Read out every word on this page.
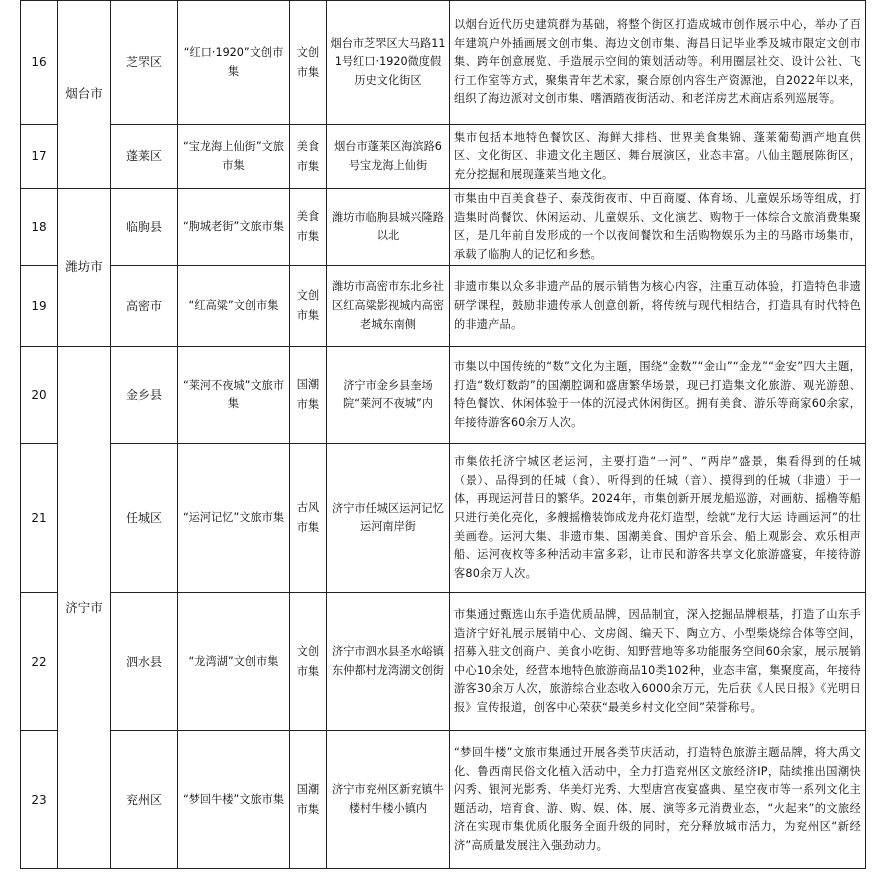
16	烟台市	芝罘区	“红口·1920”文创市集	文创市集	烟台市芝罘区大马路111号红口·1920微度假历史文化街区	以烟台近代历史建筑群为基础，将整个街区打造成城市创作展示中心，举办了百年建筑户外插画展文创市集、海边文创市集、海昌日记毕业季及城市限定文创市集、跨年创意展览、手造展示空间的策划活动等。利用圈层社交、设计公社、飞行工作室等方式，聚集青年艺术家，聚合原创内容生产资源池，自2022年以来，组织了海边派对文创市集、嗜酒踏夜街活动、和老洋房艺术商店系列巡展等。
17		蓬莱区	“宝龙海上仙街”文旅市集	美食市集	烟台市蓬莱区海滨路6号宝龙海上仙街	集市包括本地特色餐饮区、海鲜大排档、世界美食集锦、蓬莱葡萄酒产地直供区、文化街区、非遗文化主题区、舞台展演区，业态丰富。八仙主题展陈街区，充分挖掘和展现蓬莱当地文化。
18	潍坊市	临朐县	“朐城老街”文旅市集	美食市集	潍坊市临朐县城兴隆路以北	市集由中百美食巷子、泰茂街夜市、中百商厦、体育场、儿童娱乐场等组成，打造集时尚餐饮、休闲运动、儿童娱乐、文化演艺、购物于一体综合文旅消费集聚区，是几年前自发形成的一个以夜间餐饮和生活购物娱乐为主的马路市场集市，承载了临朐人的记忆和乡愁。
19		高密市	“红高粱”文创市集	文创市集	潍坊市高密市东北乡社区红高粱影视城内高密老城东南侧	非遗市集以众多非遗产品的展示销售为核心内容，注重互动体验，打造特色非遗研学课程，鼓励非遗传承人创意创新，将传统与现代相结合，打造具有时代特色的非遗产品。
20	济宁市	金乡县	“莱河不夜城”文旅市集	国潮市集	济宁市金乡县奎场院“莱河不夜城”内	市集以中国传统的“数”文化为主题，围绕“金数”“金山”“金龙”“金安”四大主题，打造“数灯数韵”的国潮腔调和盛唐繁华场景，现已打造集文化旅游、观光游憩、特色餐饮、休闲体验于一体的沉浸式休闲街区。拥有美食、游乐等商家60余家，年接待游客60余万人次。
21		任城区	“运河记忆”文旅市集	古风市集	济宁市任城区运河记忆运河南岸街	市集依托济宁城区老运河，主要打造“一河”、“两岸”盛景，集看得到的任城（景）、品得到的任城（食）、听得到的任城（音）、摸得到的任城（非遗）于一体，再现运河昔日的繁华。2024年，市集创新开展龙船巡游，对画舫、摇橹等船只进行美化亮化，多艘摇橹装饰成龙舟花灯造型，绘就“龙行大运 诗画运河”的壮美画卷。运河大集、非遗市集、国潮美食、围炉音乐会、船上观影会、欢乐相声船、运河夜枚等多种活动丰富多彩，让市民和游客共享文化旅游盛宴，年接待游客80余万人次。
22		泗水县	“龙湾湖”文创市集	文创市集	济宁市泗水县圣水峪镇东仲都村龙湾湖文创街	市集通过甄选山东手造优质品牌，因品制宜，深入挖掘品牌根基，打造了山东手造济宁好礼展示展销中心、文房阁、编天下、陶立方、小型柴烧综合体等空间，招募入驻文创商户、美食小吃街、知野营地等多功能服务空间60余家，展示展销中心10余处，经营本地特色旅游商品10类102种，业态丰富，集聚度高，年接待游客30余万人次，旅游综合业态收入6000余万元，先后获《人民日报》《光明日报》宣传报道，创客中心荣获“最美乡村文化空间”荣誉称号。
23		兖州区	“梦回牛楼”文旅市集	国潮市集	济宁市兖州区新兖镇牛楼村牛楼小镇内	“梦回牛楼”文旅市集通过开展各类节庆活动，打造特色旅游主题品牌，将大禹文化、鲁西南民俗文化植入活动中，全力打造兖州区文旅经济IP，陆续推出国潮快闪秀、银河光影秀、华美灯光秀、大型唐宫夜宴盛典、星空夜市等一系列文化主题活动，培育食、游、购、娱、体、展、演等多元消费业态，“火起来”的文旅经济在实现市集优质化服务全面升级的同时，充分释放城市活力，为兖州区“新经济”高质量发展注入强劲动力。
